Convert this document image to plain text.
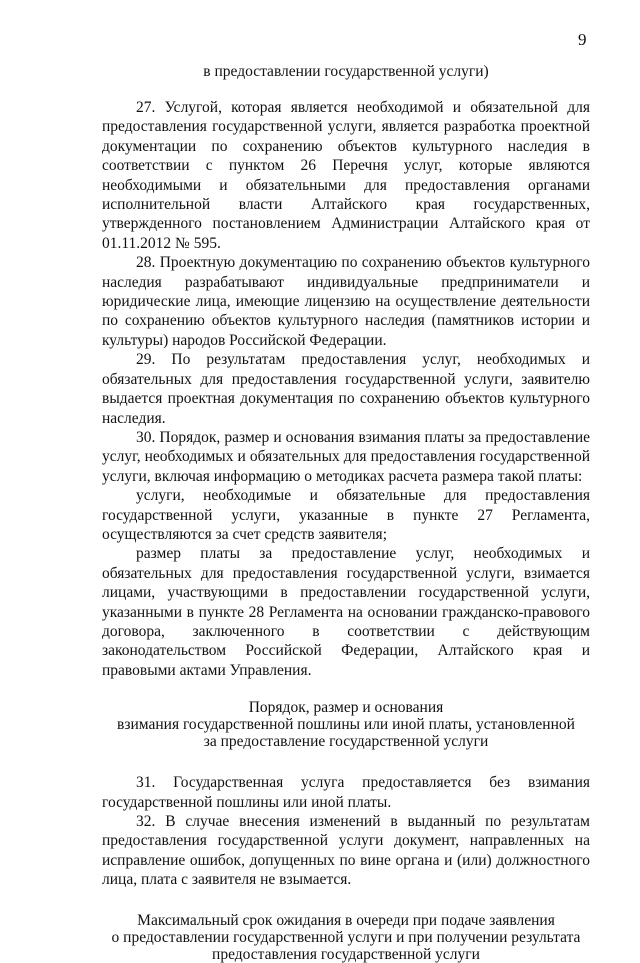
9
в предоставлении государственной услуги)

27. Услугой, которая является необходимой и обязательной для предоставления государственной услуги, является разработка проектной документации по сохранению объектов культурного наследия в соответствии с пунктом 26 Перечня услуг, которые являются необходимыми и обязательными для предоставления органами исполнительной власти Алтайского края государственных, утвержденного постановлением Администрации Алтайского края от 01.11.2012 № 595.

28. Проектную документацию по сохранению объектов культурного наследия разрабатывают индивидуальные предприниматели и юридические лица, имеющие лицензию на осуществление деятельности по сохранению объектов культурного наследия (памятников истории и культуры) народов Российской Федерации.

29. По результатам предоставления услуг, необходимых и обязательных для предоставления государственной услуги, заявителю выдается проектная документация по сохранению объектов культурного наследия.

30. Порядок, размер и основания взимания платы за предоставление услуг, необходимых и обязательных для предоставления государственной услуги, включая информацию о методиках расчета размера такой платы:

услуги, необходимые и обязательные для предоставления государственной услуги, указанные в пункте 27 Регламента, осуществляются за счет средств заявителя;

размер платы за предоставление услуг, необходимых и обязательных для предоставления государственной услуги, взимается лицами, участвующими в предоставлении государственной услуги, указанными в пункте 28 Регламента на основании гражданско-правового договора, заключенного в соответствии с действующим законодательством Российской Федерации, Алтайского края и правовыми актами Управления.

Порядок, размер и основания
взимания государственной пошлины или иной платы, установленной
за предоставление государственной услуги

31. Государственная услуга предоставляется без взимания государственной пошлины или иной платы.

32. В случае внесения изменений в выданный по результатам предоставления государственной услуги документ, направленных на исправление ошибок, допущенных по вине органа и (или) должностного лица, плата с заявителя не взымается.

Максимальный срок ожидания в очереди при подаче заявления
о предоставлении государственной услуги и при получении результата
предоставления государственной услуги
